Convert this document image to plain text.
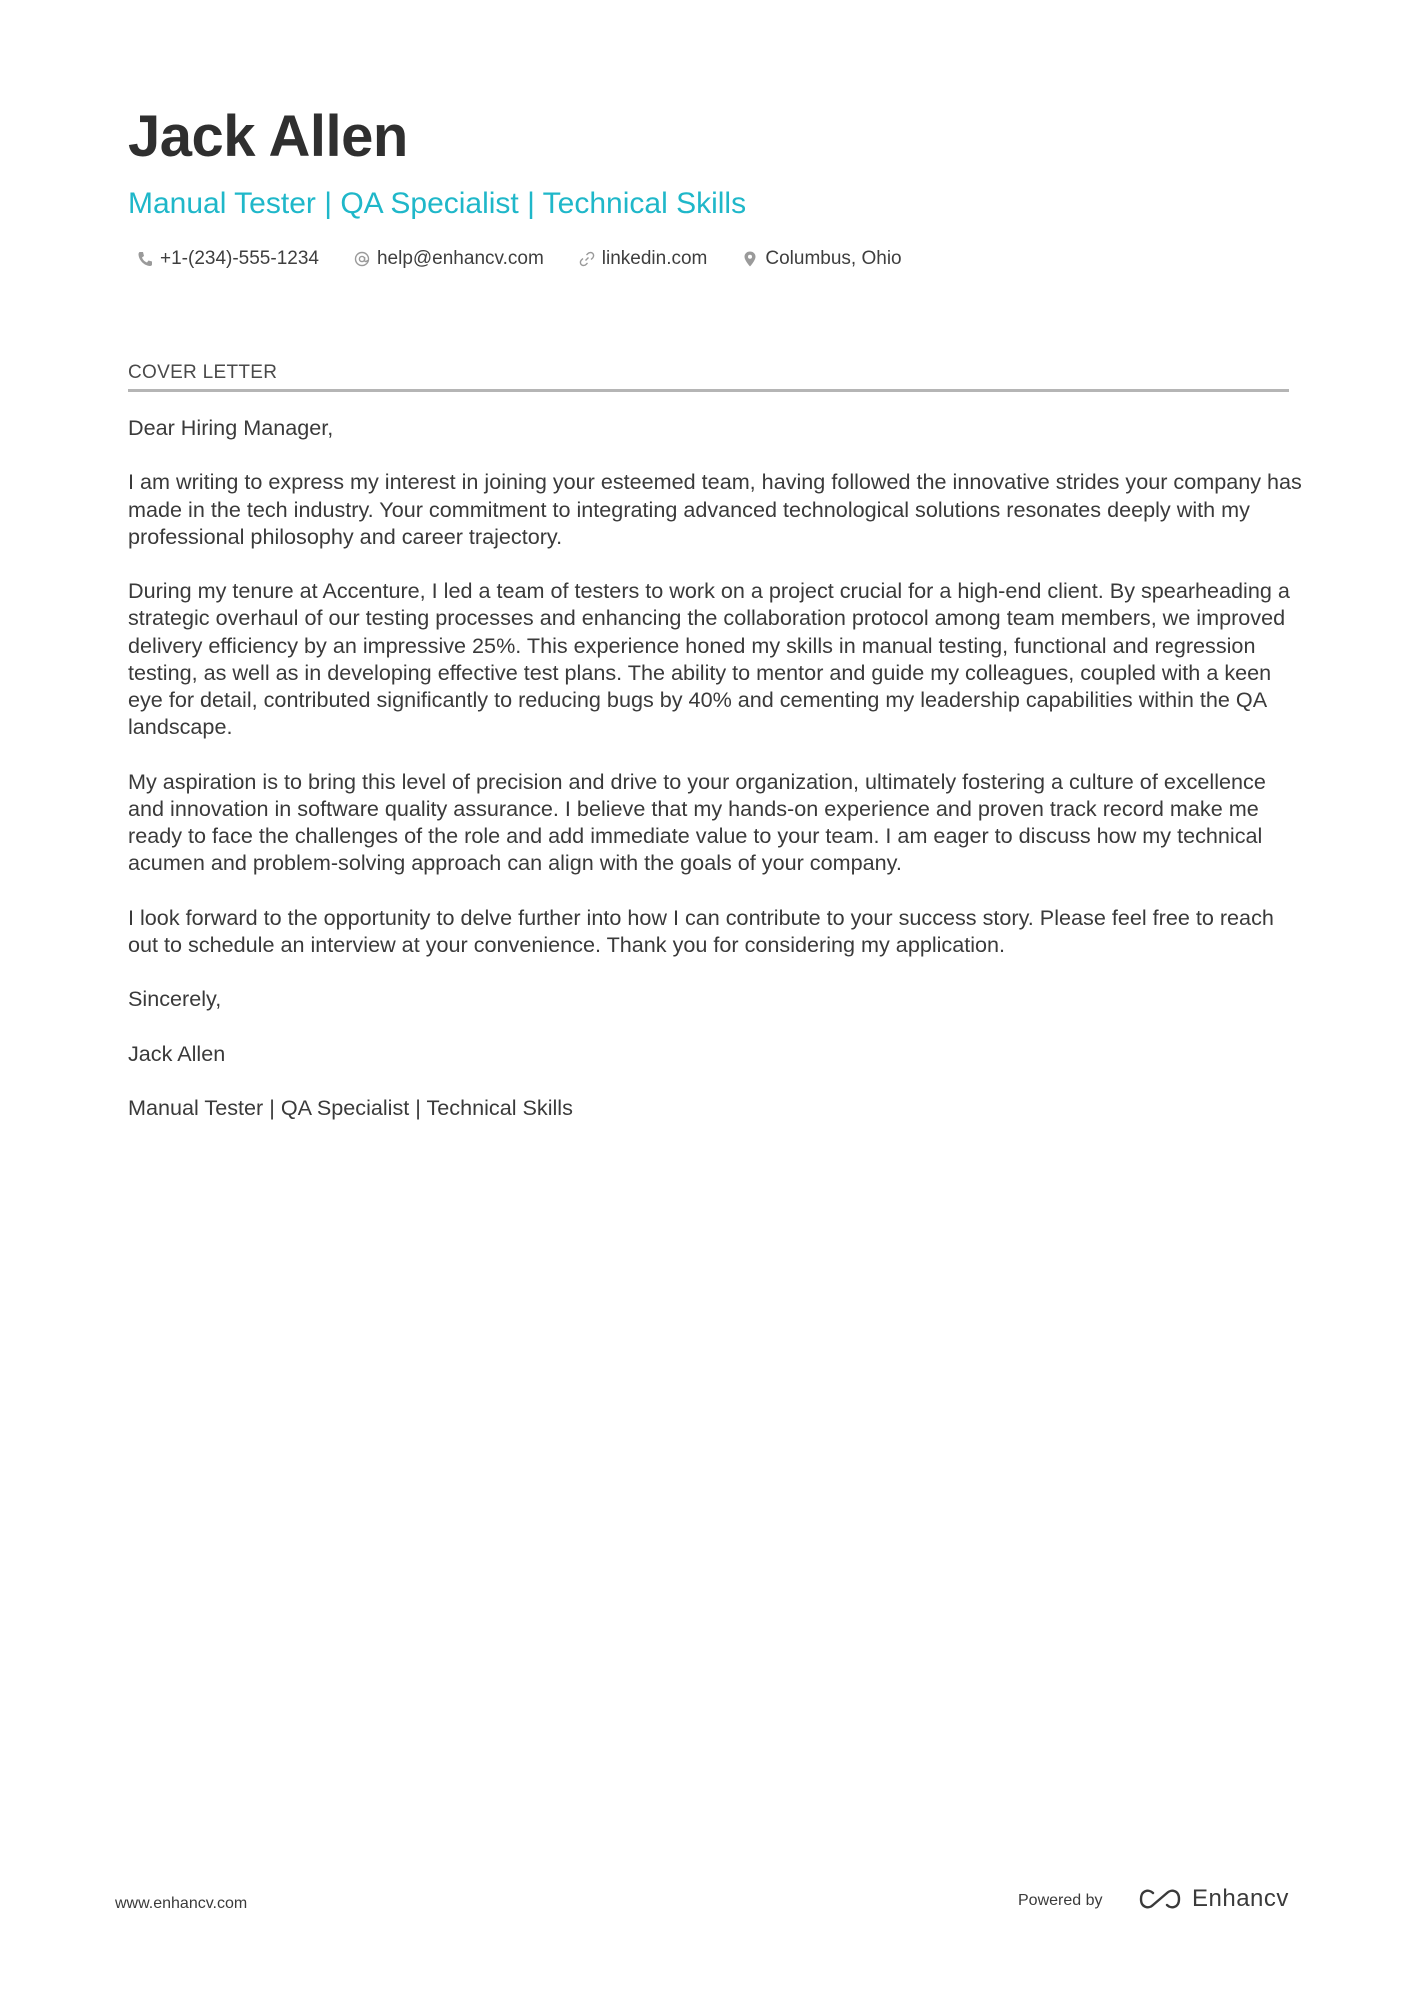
Jack Allen
Manual Tester | QA Specialist | Technical Skills
+1-(234)-555-1234	help@enhancv.com	linkedin.com	Columbus, Ohio
COVER LETTER

Dear Hiring Manager,

I am writing to express my interest in joining your esteemed team, having followed the innovative strides your company has made in the tech industry. Your commitment to integrating advanced technological solutions resonates deeply with my professional philosophy and career trajectory.

During my tenure at Accenture, I led a team of testers to work on a project crucial for a high-end client. By spearheading a strategic overhaul of our testing processes and enhancing the collaboration protocol among team members, we improved delivery efficiency by an impressive 25%. This experience honed my skills in manual testing, functional and regression testing, as well as in developing effective test plans. The ability to mentor and guide my colleagues, coupled with a keen eye for detail, contributed significantly to reducing bugs by 40% and cementing my leadership capabilities within the QA landscape.

My aspiration is to bring this level of precision and drive to your organization, ultimately fostering a culture of excellence and innovation in software quality assurance. I believe that my hands-on experience and proven track record make me ready to face the challenges of the role and add immediate value to your team. I am eager to discuss how my technical acumen and problem-solving approach can align with the goals of your company.

I look forward to the opportunity to delve further into how I can contribute to your success story. Please feel free to reach out to schedule an interview at your convenience. Thank you for considering my application.

Sincerely,

Jack Allen

Manual Tester | QA Specialist | Technical Skills

www.enhancv.com	Powered by	Enhancv
